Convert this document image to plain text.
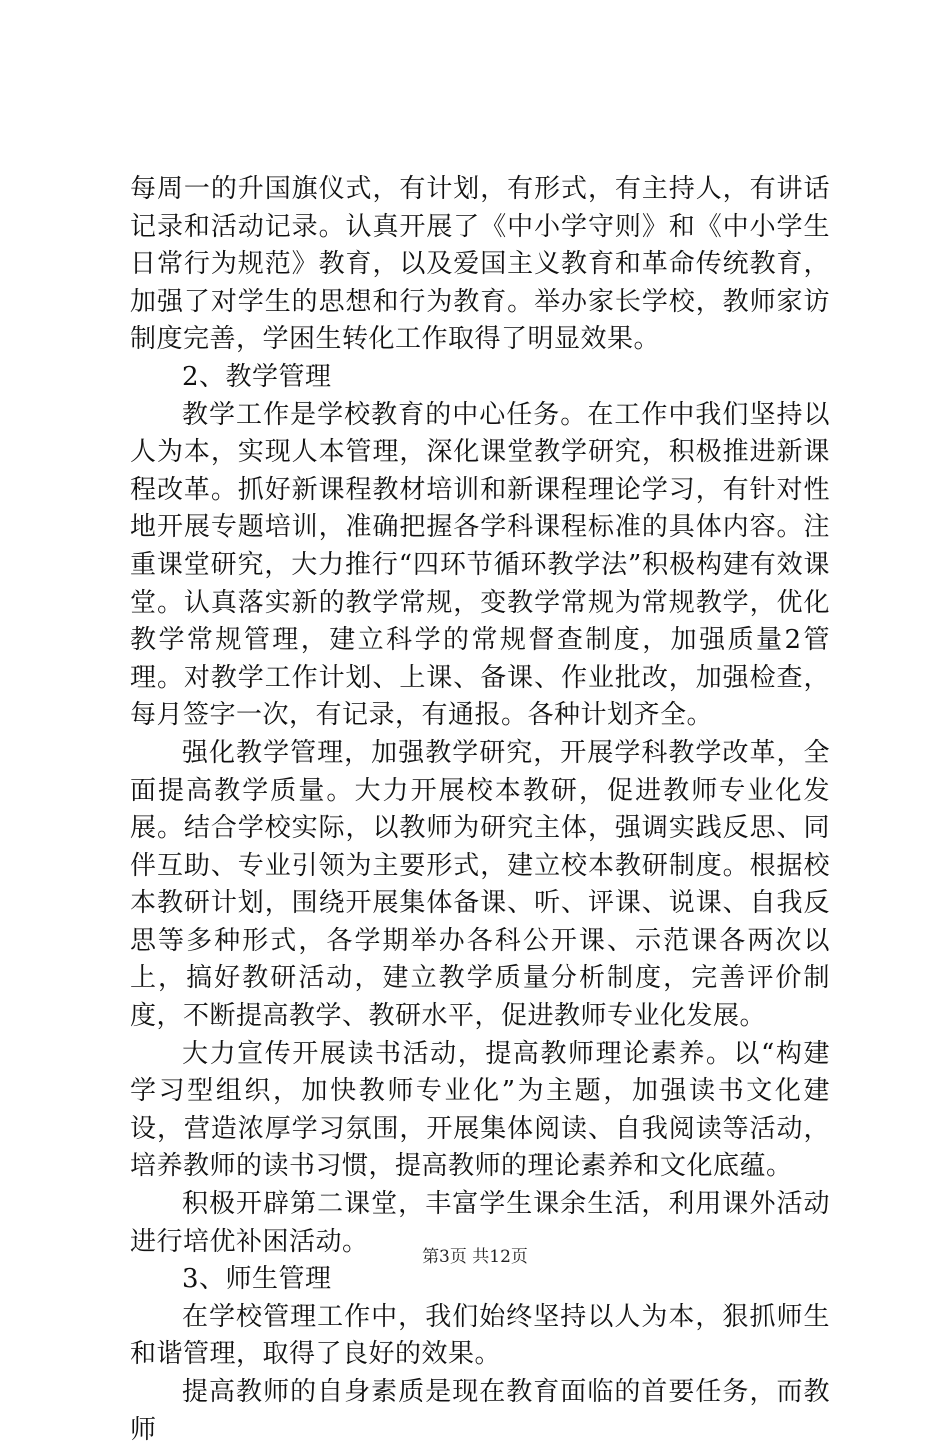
每周一的升国旗仪式，有计划，有形式，有主持人，有讲话记录和活动记录。认真开展了《中小学守则》和《中小学生日常行为规范》教育，以及爱国主义教育和革命传统教育，加强了对学生的思想和行为教育。举办家长学校，教师家访制度完善，学困生转化工作取得了明显效果。

2、教学管理

教学工作是学校教育的中心任务。在工作中我们坚持以人为本，实现人本管理，深化课堂教学研究，积极推进新课程改革。抓好新课程教材培训和新课程理论学习，有针对性地开展专题培训，准确把握各学科课程标准的具体内容。注重课堂研究，大力推行“四环节循环教学法”积极构建有效课堂。认真落实新的教学常规，变教学常规为常规教学，优化教学常规管理，建立科学的常规督查制度，加强质量2管理。对教学工作计划、上课、备课、作业批改，加强检查，每月签字一次，有记录，有通报。各种计划齐全。

强化教学管理，加强教学研究，开展学科教学改革，全面提高教学质量。大力开展校本教研，促进教师专业化发展。结合学校实际，以教师为研究主体，强调实践反思、同伴互助、专业引领为主要形式，建立校本教研制度。根据校本教研计划，围绕开展集体备课、听、评课、说课、自我反思等多种形式，各学期举办各科公开课、示范课各两次以上，搞好教研活动，建立教学质量分析制度，完善评价制度，不断提高教学、教研水平，促进教师专业化发展。

大力宣传开展读书活动，提高教师理论素养。以“构建学习型组织，加快教师专业化”为主题，加强读书文化建设，营造浓厚学习氛围，开展集体阅读、自我阅读等活动，培养教师的读书习惯，提高教师的理论素养和文化底蕴。

积极开辟第二课堂，丰富学生课余生活，利用课外活动进行培优补困活动。

3、师生管理

在学校管理工作中，我们始终坚持以人为本，狠抓师生和谐管理，取得了良好的效果。

提高教师的自身素质是现在教育面临的首要任务，而教师

第3页 共12页
